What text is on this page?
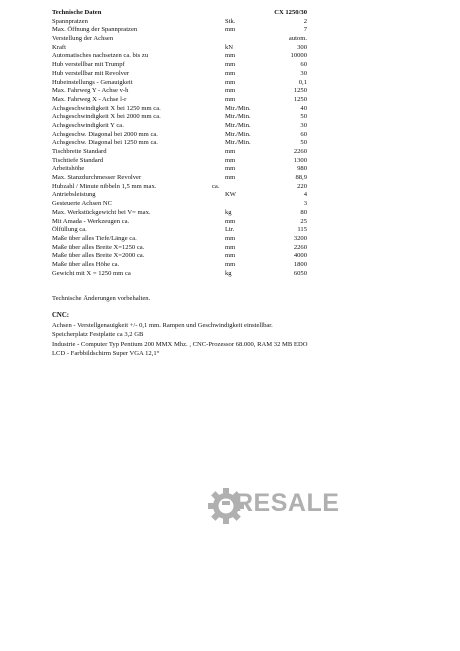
Technische Daten	CX 1250/30
Spannpratzen	Stk.	2
Max. Öffnung der Spannpratzen	mm	7
Verstellung der Achsen	autom.
Kraft	kN	300
Automatisches nachsetzen ca. bis zu	mm	10000
Hub verstellbar mit Trumpf	mm	60
Hub verstellbar mit Revolver	mm	30
Hubeinstellungs - Genauigkeit	mm	0,1
Max. Fahrweg Y - Achse v-h	mm	1250
Max. Fahrweg X - Achse l-r	mm	1250
Achsgeschwindigkeit X bei 1250 mm ca.	Mtr./Min.	40
Achsgeschwindigkeit X bei 2000 mm ca.	Mtr./Min.	50
Achsgeschwindigkeit Y ca.	Mtr./Min.	30
Achsgeschw. Diagonal bei 2000 mm ca.	Mtr./Min.	60
Achsgeschw. Diagonal bei 1250 mm ca.	Mtr./Min.	50
Tischbreite Standard	mm	2260
Tischtiefe Standard	mm	1300
Arbeitshöhe	mm	980
Max. Stanzdurchmesser Revolver	mm	88,9
Hubzahl / Minute nibbeln 1,5 mm max.	ca.	220
Antriebsleistung	KW	4
Gesteuerte Achsen NC	3
Max. Werkstückgewicht bei V= max.	kg	80
Mit Amada - Werkzeugen ca.	mm	25
Ölfüllung ca.	Ltr.	115
Maße über alles Tiefe/Länge ca.	mm	3200
Maße über alles Breite X=1250 ca.	mm	2260
Maße über alles Breite X=2000 ca.	mm	4000
Maße über alles Höhe ca.	mm	1800
Gewicht mit X = 1250 mm ca	kg	6050
Technische Änderungen vorbehalten.
CNC:
Achsen - Verstellgenauigkeit +/- 0,1 mm. Rampen und Geschwindigkeit einstellbar.
Speicherplatz Festplatte ca 3,2 GB
Industrie - Computer Typ Pentium 200 MMX Mhz. , CNC-Prozessor 68.000, RAM 32 MB EDO
LCD - Farbbildschirm Super VGA 12,1“
RESALE
